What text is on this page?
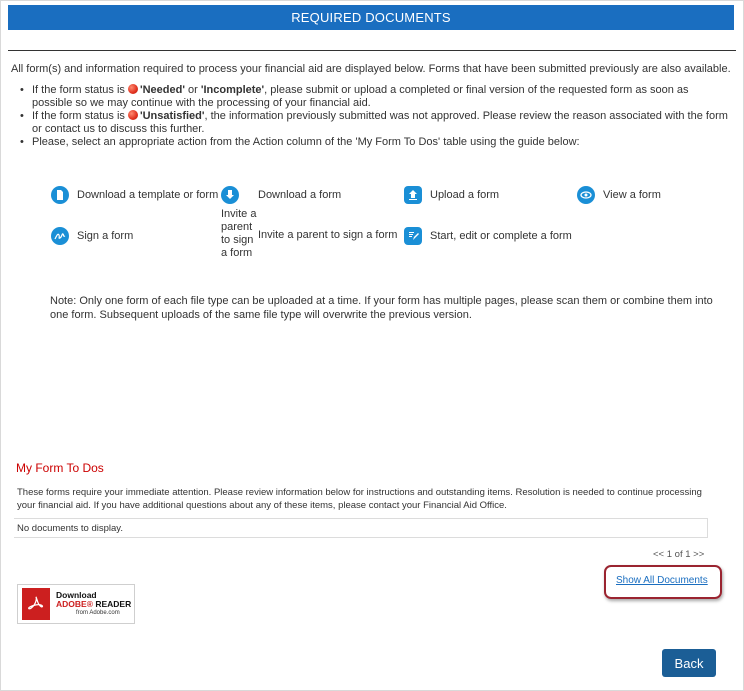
REQUIRED DOCUMENTS
All form(s) and information required to process your financial aid are displayed below. Forms that have been submitted previously are also available.
• If the form status is 'Needed' or 'Incomplete', please submit or upload a completed or final version of the requested form as soon as possible so we may continue with the processing of your financial aid.
• If the form status is 'Unsatisfied', the information previously submitted was not approved. Please review the reason associated with the form or contact us to discuss this further.
• Please, select an appropriate action from the Action column of the 'My Form To Dos' table using the guide below:
Download a template or form	Download a form	Upload a form	View a form
Sign a form
Invite a parent to sign a form
Invite a parent to sign a form	Start, edit or complete a form
Note: Only one form of each file type can be uploaded at a time. If your form has multiple pages, please scan them or combine them into one form. Subsequent uploads of the same file type will overwrite the previous version.
My Form To Dos
These forms require your immediate attention. Please review information below for instructions and outstanding items. Resolution is needed to continue processing your financial aid. If you have additional questions about any of these items, please contact your Financial Aid Office.
No documents to display.
<< 1 of 1 >>
Show All Documents
Download
ADOBE® READER
from Adobe.com
Back
